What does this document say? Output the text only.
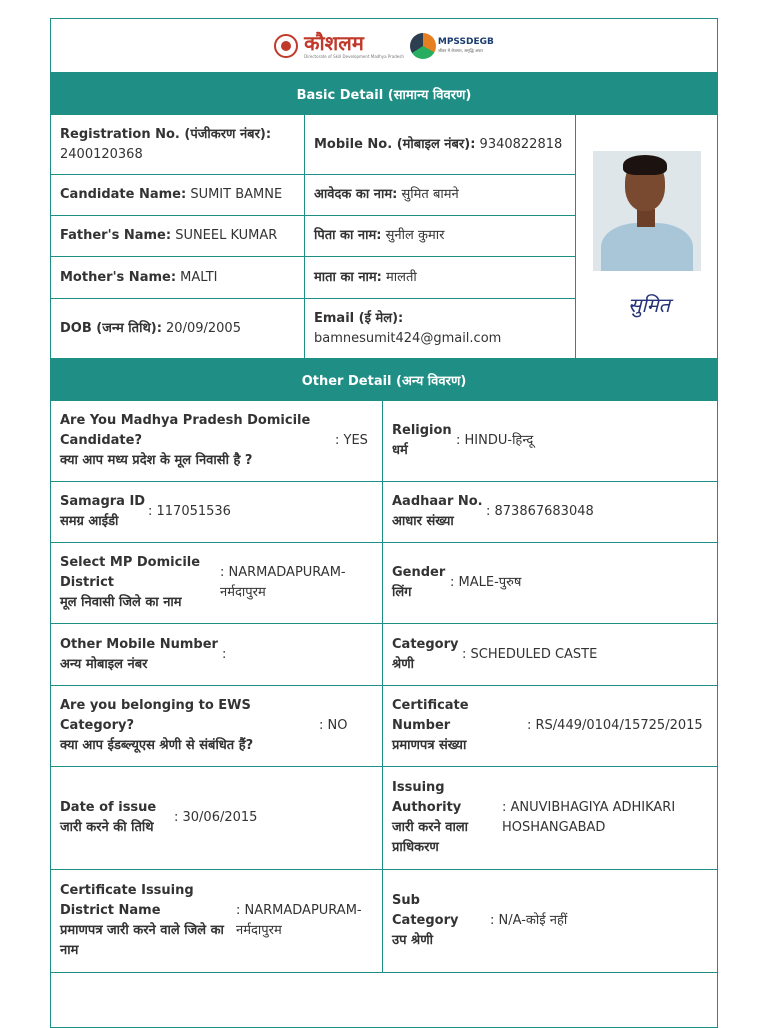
कौशलम
Directorate of Skill Development Madhya Pradesh
MPSSDEGB
जीवन में रोजगार, समृद्धि अपार
Basic Detail (सामान्य विवरण)
Registration No. (पंजीकरण नंबर):
2400120368
Mobile No. (मोबाइल नंबर): 9340822818
Candidate Name: SUMIT BAMNE आवेदक का नाम: सुमित बामने
Father's Name: SUNEEL KUMAR	पिता का नाम: सुनील कुमार
Mother's Name: MALTI	माता का नाम: मालती
DOB (जन्म तिथि): 20/09/2005
Email (ई मेल):
bamnesumit424@gmail.com
सुमित
Other Detail (अन्य विवरण)
Are You Madhya Pradesh Domicile Candidate?
क्या आप मध्य प्रदेश के मूल निवासी है ?
: YES
Religion
धर्म
: HINDU-हिन्दू
Samagra ID
समग्र आईडी
: 117051536
Aadhaar No.
आधार संख्या
: 873867683048
Select MP Domicile District
मूल निवासी जिले का नाम
: NARMADAPURAM-नर्मदापुरम
Gender
लिंग
: MALE-पुरुष
Other Mobile Number
अन्य मोबाइल नंबर
:
Category
श्रेणी
: SCHEDULED CASTE
Are you belonging to EWS Category?
क्या आप ईडब्ल्यूएस श्रेणी से संबंधित हैं?
: NO
Certificate Number
प्रमाणपत्र संख्या
: RS/449/0104/15725/2015
Date of issue
जारी करने की तिथि
: 30/06/2015
Issuing Authority
जारी करने वाला प्राधिकरण
: ANUVIBHAGIYA ADHIKARI HOSHANGABAD
Certificate Issuing District Name
प्रमाणपत्र जारी करने वाले जिले का नाम
: NARMADAPURAM-नर्मदापुरम
Sub Category
उप श्रेणी
: N/A-कोई नहीं
